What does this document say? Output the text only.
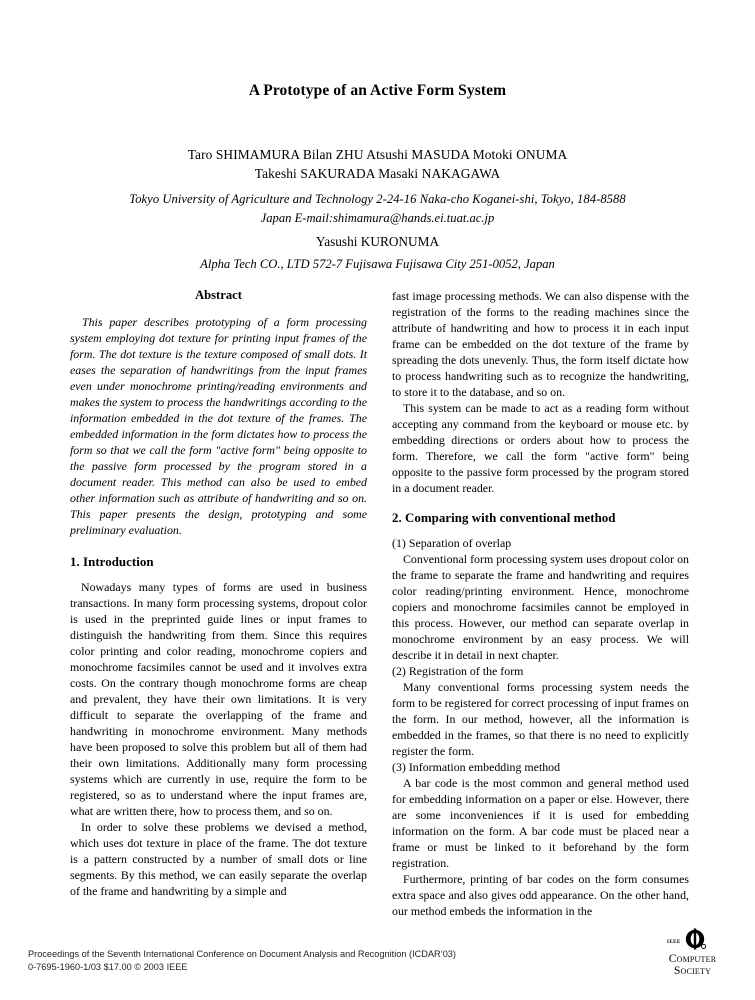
A Prototype of an Active Form System
Taro SHIMAMURA Bilan ZHU Atsushi MASUDA Motoki ONUMA
Takeshi SAKURADA Masaki NAKAGAWA
Tokyo University of Agriculture and Technology 2-24-16 Naka-cho Koganei-shi, Tokyo, 184-8588
Japan E-mail:shimamura@hands.ei.tuat.ac.jp
Yasushi KURONUMA
Alpha Tech CO., LTD 572-7 Fujisawa Fujisawa City 251-0052, Japan
Abstract

This paper describes prototyping of a form processing system employing dot texture for printing input frames of the form. The dot texture is the texture composed of small dots. It eases the separation of handwritings from the input frames even under monochrome printing/reading environments and makes the system to process the handwritings according to the information embedded in the dot texture of the frames. The embedded information in the form dictates how to process the form so that we call the form "active form" being opposite to the passive form processed by the program stored in a document reader. This method can also be used to embed other information such as attribute of handwriting and so on. This paper presents the design, prototyping and some preliminary evaluation.

1. Introduction

Nowadays many types of forms are used in business transactions. In many form processing systems, dropout color is used in the preprinted guide lines or input frames to distinguish the handwriting from them. Since this requires color printing and color reading, monochrome copiers and monochrome facsimiles cannot be used and it involves extra costs. On the contrary though monochrome forms are cheap and prevalent, they have their own limitations. It is very difficult to separate the overlapping of the frame and handwriting in monochrome environment. Many methods have been proposed to solve this problem but all of them had their own limitations. Additionally many form processing systems which are currently in use, require the form to be registered, so as to understand where the input frames are, what are written there, how to process them, and so on.

In order to solve these problems we devised a method, which uses dot texture in place of the frame. The dot texture is a pattern constructed by a number of small dots or line segments. By this method, we can easily separate the overlap of the frame and handwriting by a simple and

fast image processing methods. We can also dispense with the registration of the forms to the reading machines since the attribute of handwriting and how to process it in each input frame can be embedded on the dot texture of the frame by spreading the dots unevenly. Thus, the form itself dictate how to process handwriting such as to recognize the handwriting, to store it to the database, and so on.

This system can be made to act as a reading form without accepting any command from the keyboard or mouse etc. by embedding directions or orders about how to process the form. Therefore, we call the form "active form" being opposite to the passive form processed by the program stored in a document reader.

2. Comparing with conventional method

(1) Separation of overlap

Conventional form processing system uses dropout color on the frame to separate the frame and handwriting and requires color reading/printing environment. Hence, monochrome copiers and monochrome facsimiles cannot be employed in this process. However, our method can separate overlap in monochrome environment by an easy process. We will describe it in detail in next chapter.

(2) Registration of the form

Many conventional forms processing system needs the form to be registered for correct processing of input frames on the form. In our method, however, all the information is embedded in the frames, so that there is no need to explicitly register the form.

(3) Information embedding method

A bar code is the most common and general method used for embedding information on a paper or else. However, there are some inconveniences if it is used for embedding information on the form. A bar code must be placed near a frame or must be linked to it beforehand by the form registration.

Furthermore, printing of bar codes on the form consumes extra space and also gives odd appearance. On the other hand, our method embeds the information in the

Proceedings of the Seventh International Conference on Document Analysis and Recognition (ICDAR’03)
0-7695-1960-1/03 $17.00 © 2003 IEEE
IEEE
Computer
Society
